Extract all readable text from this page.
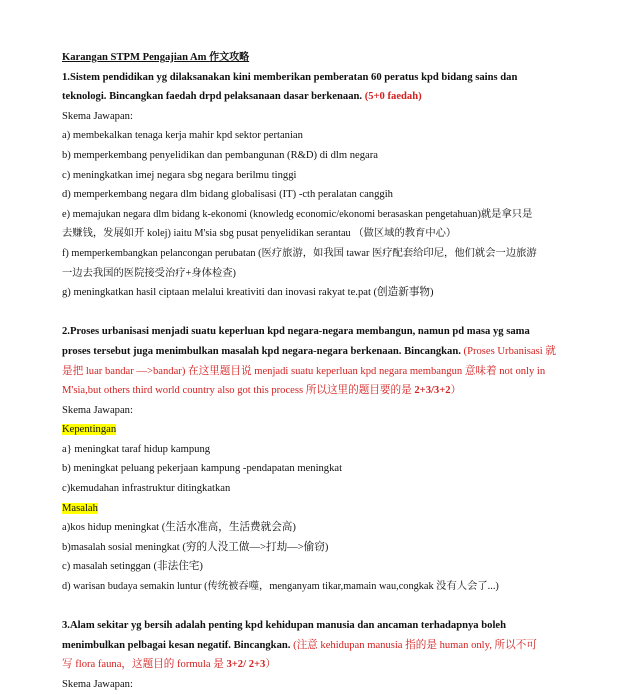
Karangan STPM Pengajian Am 作文攻略
1.Sistem pendidikan yg dilaksanakan kini memberikan pemberatan 60 peratus kpd bidang sains dan
teknologi. Bincangkan faedah drpd pelaksanaan dasar berkenaan. (5+0 faedah)
Skema Jawapan:
a) membekalkan tenaga kerja mahir kpd sektor pertanian
b) memperkembang penyelidikan dan pembangunan (R&D) di dlm negara
c) meningkatkan imej negara sbg negara berilmu tinggi
d) memperkembang negara dlm bidang globalisasi (IT) -cth peralatan canggih
e) memajukan negara dlm bidang k-ekonomi (knowledg economic/ekonomi berasaskan pengetahuan)就是拿只是
去赚钱，发展如开 kolej) iaitu M'sia sbg pusat penyelidikan serantau （做区域的教育中心）
f) memperkembangkan pelancongan perubatan (医疗旅游，如我国 tawar 医疗配套给印尼，他们就会一边旅游
一边去我国的医院接受治疗+身体检查)
g) meningkatkan hasil ciptaan melalui kreativiti dan inovasi rakyat te.pat (创造新事物)
2.Proses urbanisasi menjadi suatu keperluan kpd negara-negara membangun, namun pd masa yg sama
proses tersebut juga menimbulkan masalah kpd negara-negara berkenaan. Bincangkan. (Proses Urbanisasi 就
是把 luar bandar —>bandar) 在这里题目说 menjadi suatu keperluan kpd negara membangun 意味着 not only in
M'sia,but others third world country also got this process 所以这里的题目要的是 2+3/3+2）
Skema Jawapan:
Kepentingan
a} meningkat taraf hidup kampung
b) meningkat peluang pekerjaan kampung -pendapatan meningkat
c)kemudahan infrastruktur ditingkatkan
Masalah
a)kos hidup meningkat (生活水准高，生活费就会高)
b)masalah sosial meningkat (穷的人没工做—>打劫—>偷窃)
c) masalah setinggan (非法住宅)
d) warisan budaya semakin luntur (传统被吞噬，menganyam tikar,mamain wau,congkak 没有人会了...)
3.Alam sekitar yg bersih adalah penting kpd kehidupan manusia dan ancaman terhadapnya boleh
menimbulkan pelbagai kesan negatif. Bincangkan. (注意 kehidupan manusia 指的是 human only, 所以不可
写 flora fauna，这题目的 formula 是 3+2/ 2+3）
Skema Jawapan:
